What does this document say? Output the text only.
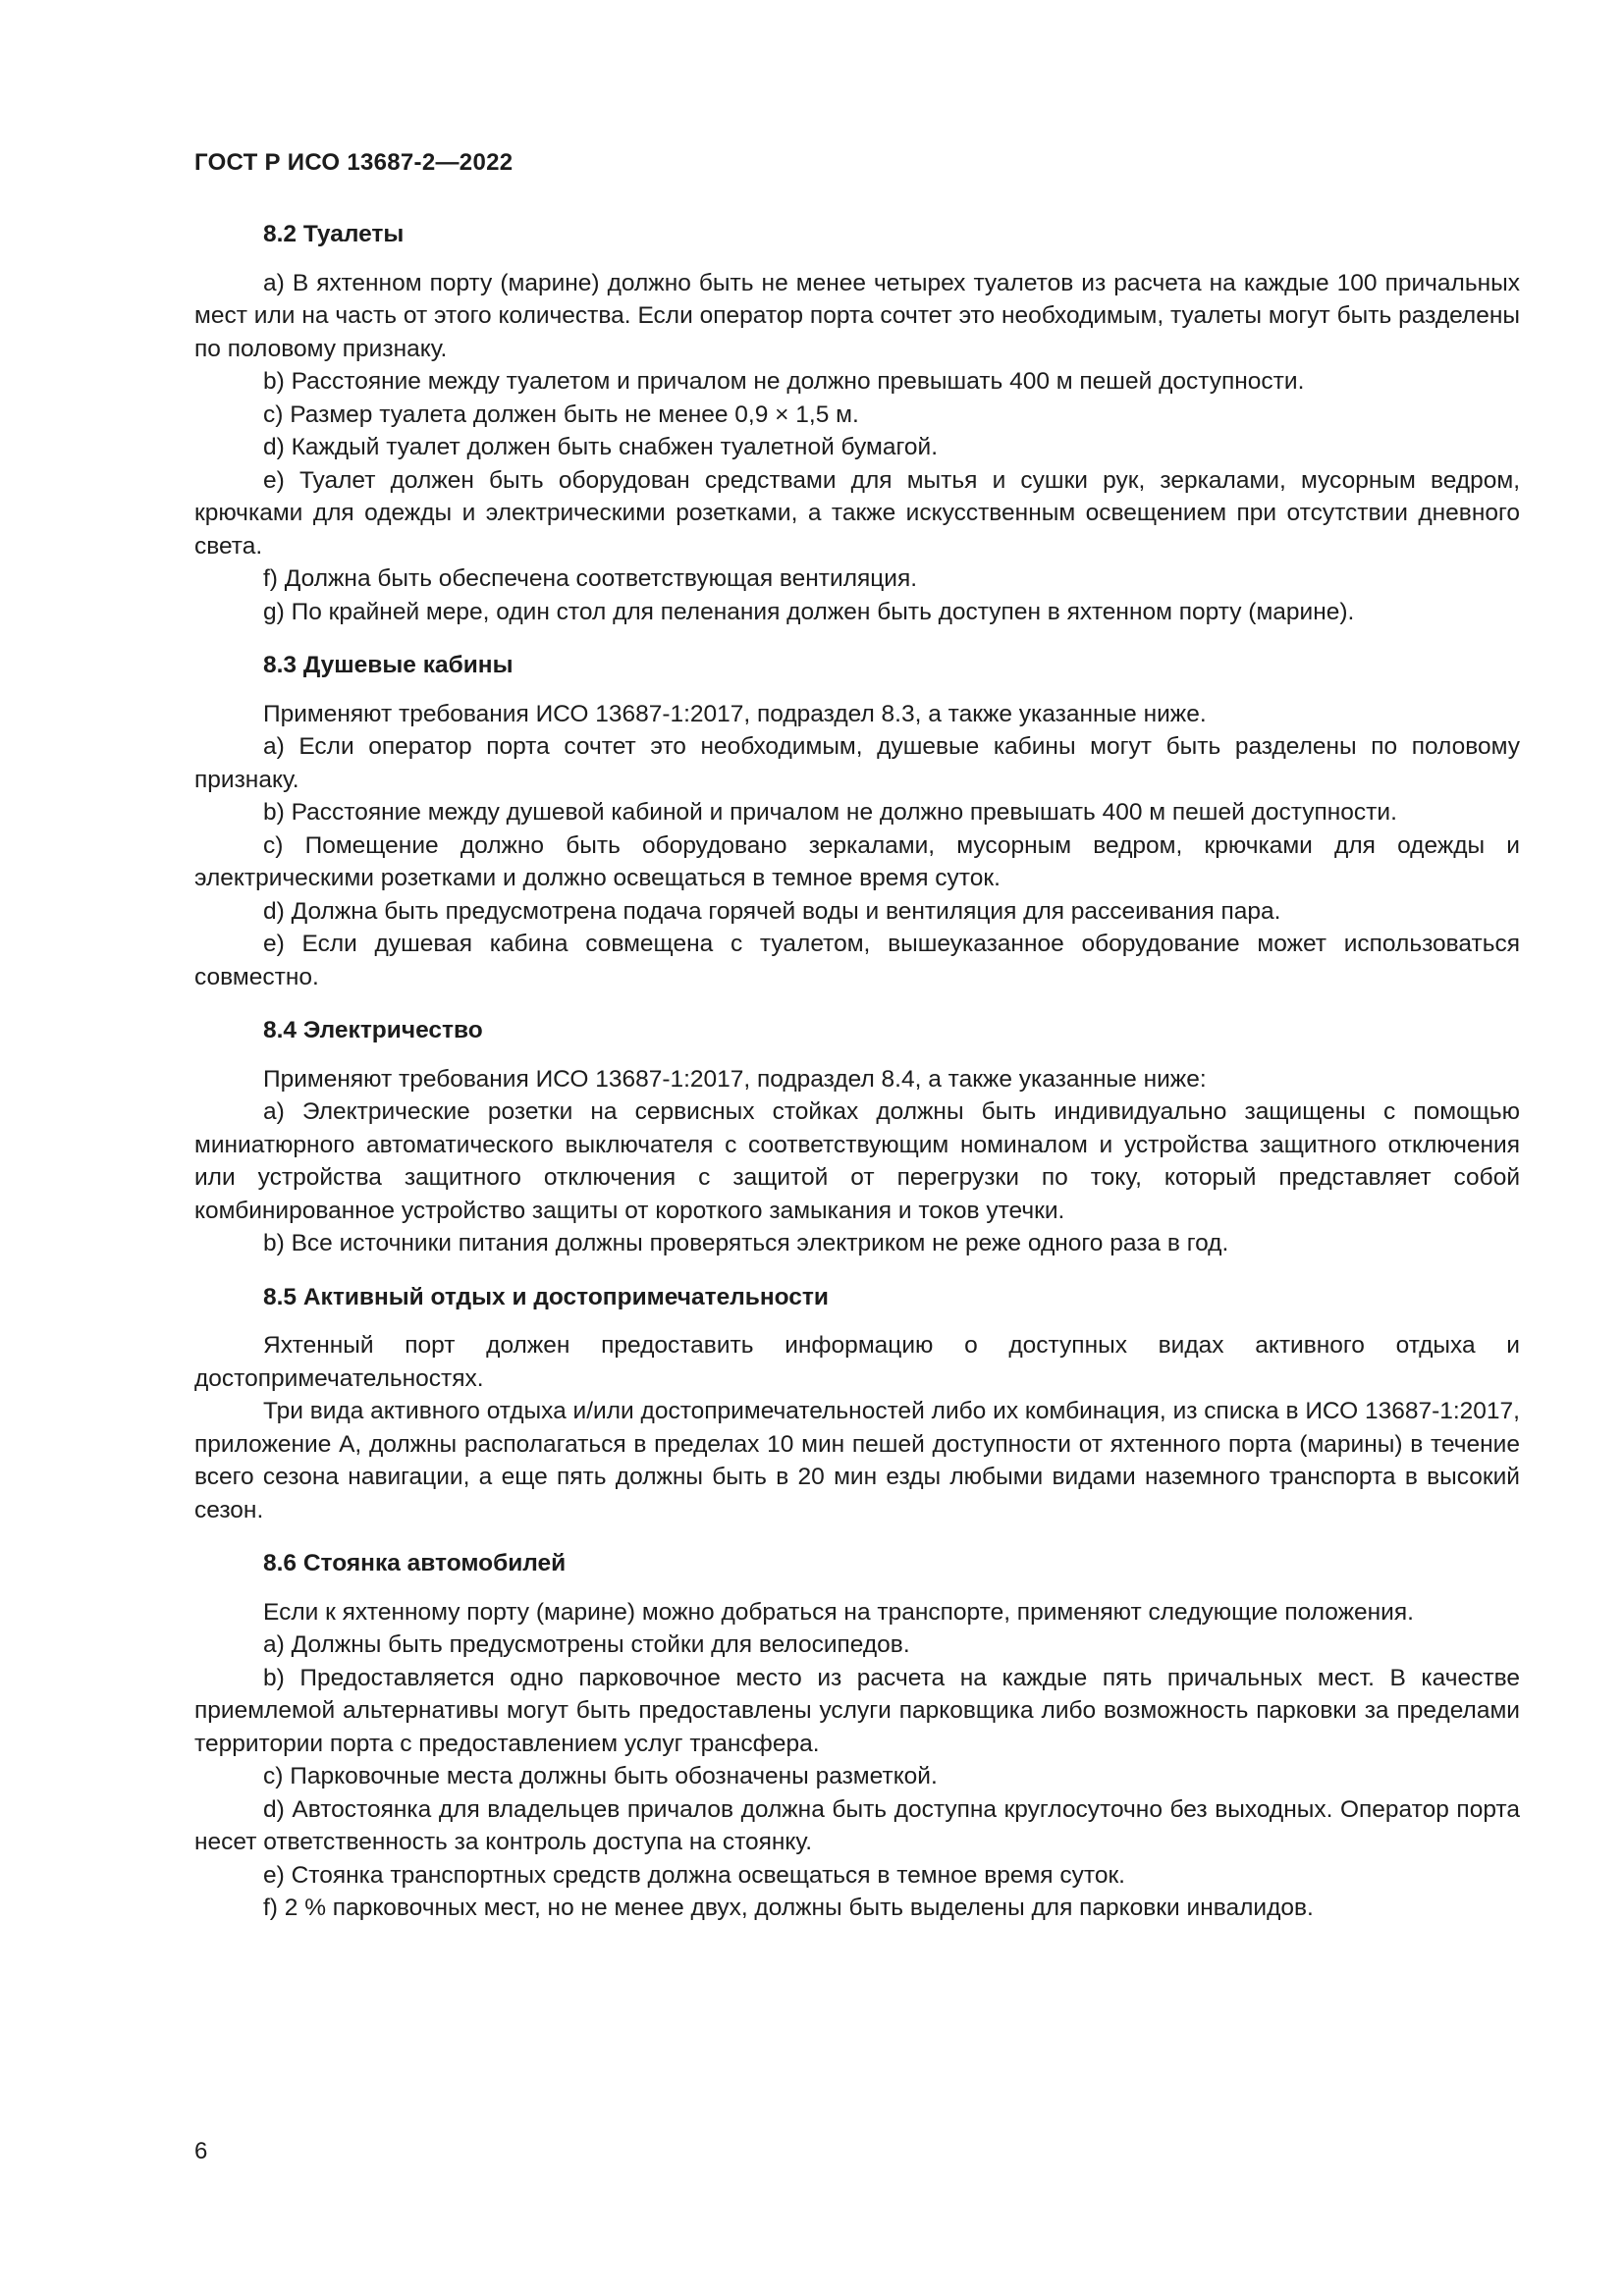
ГОСТ Р ИСО 13687-2—2022
8.2 Туалеты

a) В яхтенном порту (марине) должно быть не менее четырех туалетов из расчета на каждые 100 причальных мест или на часть от этого количества. Если оператор порта сочтет это необходимым, туалеты могут быть разделены по половому признаку.

b) Расстояние между туалетом и причалом не должно превышать 400 м пешей доступности.

c) Размер туалета должен быть не менее 0,9 × 1,5 м.

d) Каждый туалет должен быть снабжен туалетной бумагой.

e) Туалет должен быть оборудован средствами для мытья и сушки рук, зеркалами, мусорным ведром, крючками для одежды и электрическими розетками, а также искусственным освещением при отсутствии дневного света.

f) Должна быть обеспечена соответствующая вентиляция.

g) По крайней мере, один стол для пеленания должен быть доступен в яхтенном порту (марине).

8.3 Душевые кабины

Применяют требования ИСО 13687-1:2017, подраздел 8.3, а также указанные ниже.

a) Если оператор порта сочтет это необходимым, душевые кабины могут быть разделены по половому признаку.

b) Расстояние между душевой кабиной и причалом не должно превышать 400 м пешей доступности.

c) Помещение должно быть оборудовано зеркалами, мусорным ведром, крючками для одежды и электрическими розетками и должно освещаться в темное время суток.

d) Должна быть предусмотрена подача горячей воды и вентиляция для рассеивания пара.

e) Если душевая кабина совмещена с туалетом, вышеуказанное оборудование может использоваться совместно.

8.4 Электричество

Применяют требования ИСО 13687-1:2017, подраздел 8.4, а также указанные ниже:

a) Электрические розетки на сервисных стойках должны быть индивидуально защищены с помощью миниатюрного автоматического выключателя с соответствующим номиналом и устройства защитного отключения или устройства защитного отключения с защитой от перегрузки по току, который представляет собой комбинированное устройство защиты от короткого замыкания и токов утечки.

b) Все источники питания должны проверяться электриком не реже одного раза в год.

8.5 Активный отдых и достопримечательности

Яхтенный порт должен предоставить информацию о доступных видах активного отдыха и достопримечательностях.

Три вида активного отдыха и/или достопримечательностей либо их комбинация, из списка в ИСО 13687-1:2017, приложение А, должны располагаться в пределах 10 мин пешей доступности от яхтенного порта (марины) в течение всего сезона навигации, а еще пять должны быть в 20 мин езды любыми видами наземного транспорта в высокий сезон.

8.6 Стоянка автомобилей

Если к яхтенному порту (марине) можно добраться на транспорте, применяют следующие положения.

a) Должны быть предусмотрены стойки для велосипедов.

b) Предоставляется одно парковочное место из расчета на каждые пять причальных мест. В качестве приемлемой альтернативы могут быть предоставлены услуги парковщика либо возможность парковки за пределами территории порта с предоставлением услуг трансфера.

c) Парковочные места должны быть обозначены разметкой.

d) Автостоянка для владельцев причалов должна быть доступна круглосуточно без выходных. Оператор порта несет ответственность за контроль доступа на стоянку.

e) Стоянка транспортных средств должна освещаться в темное время суток.

f) 2 % парковочных мест, но не менее двух, должны быть выделены для парковки инвалидов.

6
